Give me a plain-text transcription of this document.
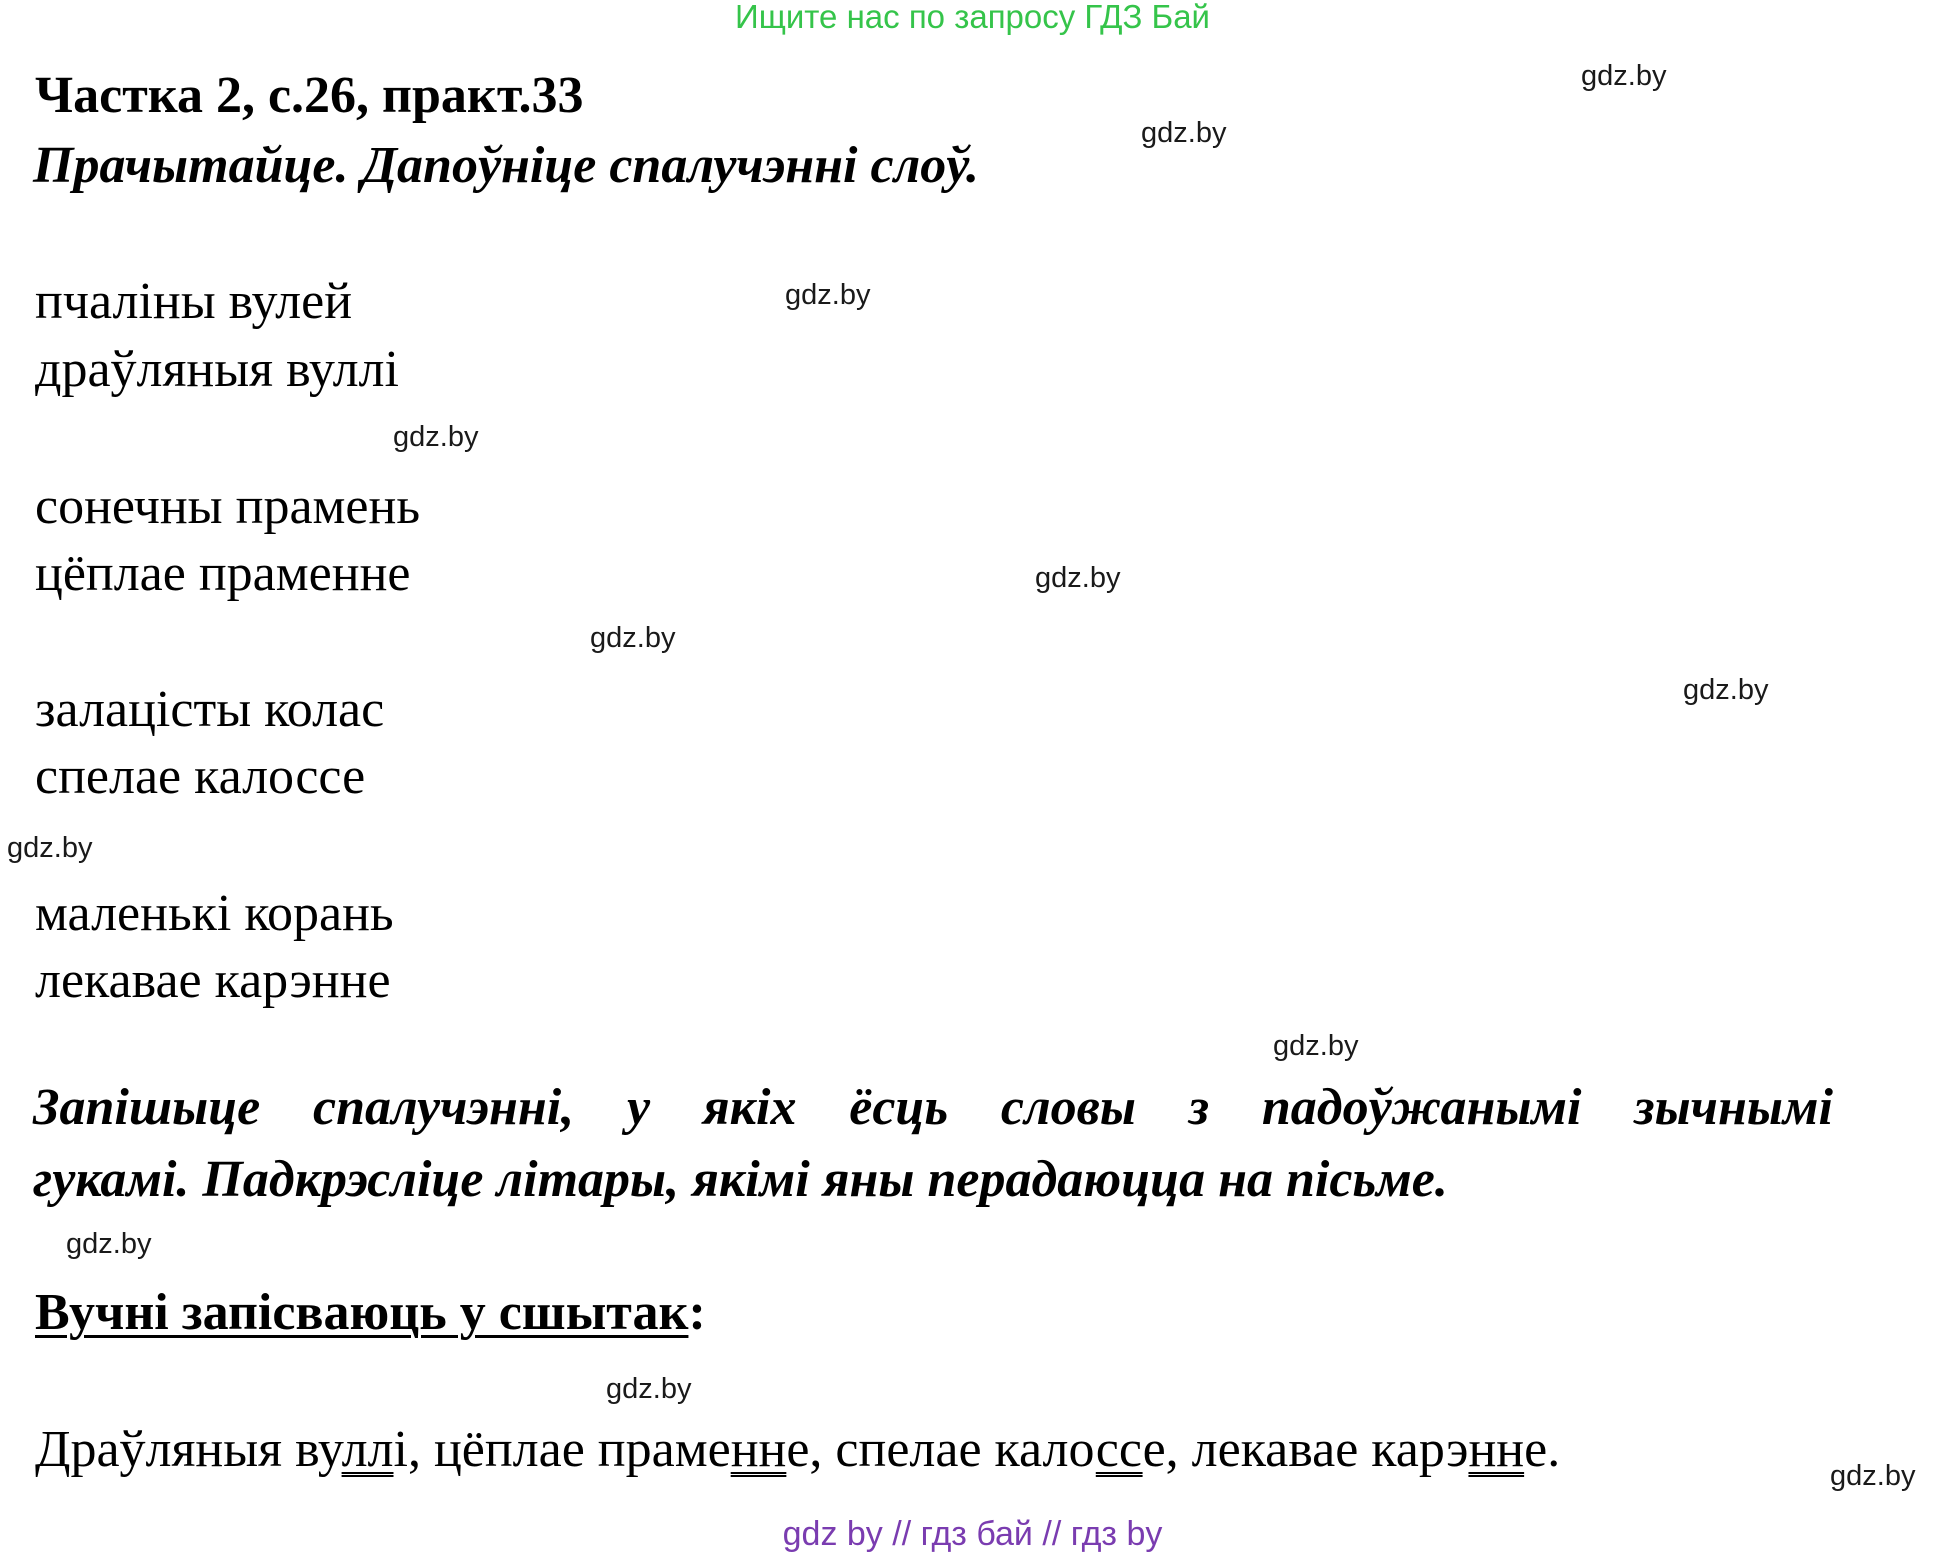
Ищите нас по запросу ГДЗ Бай
Частка 2, с.26, практ.33
Прачытайце. Дапоўніце спалучэнні слоў.
пчаліны вулей
драўляныя вуллі
сонечны прамень
цёплае праменне
залацісты колас
спелае калоссе
маленькі корань
лекавае карэнне
Запішыце спалучэнні, у якіх ёсць словы з падоўжанымі зычнымі
гукамі. Падкрэсліце літары, якімі яны перадаюцца на пісьме.
Вучні запісваюць у сшытак:
Драўляныя вуллі, цёплае праменне, спелае калоссе, лекавае карэнне.
gdz.by
gdz.by
gdz.by
gdz.by
gdz.by
gdz.by
gdz.by
gdz.by
gdz.by
gdz.by
gdz.by
gdz.by
gdz by // гдз бай // гдз by
